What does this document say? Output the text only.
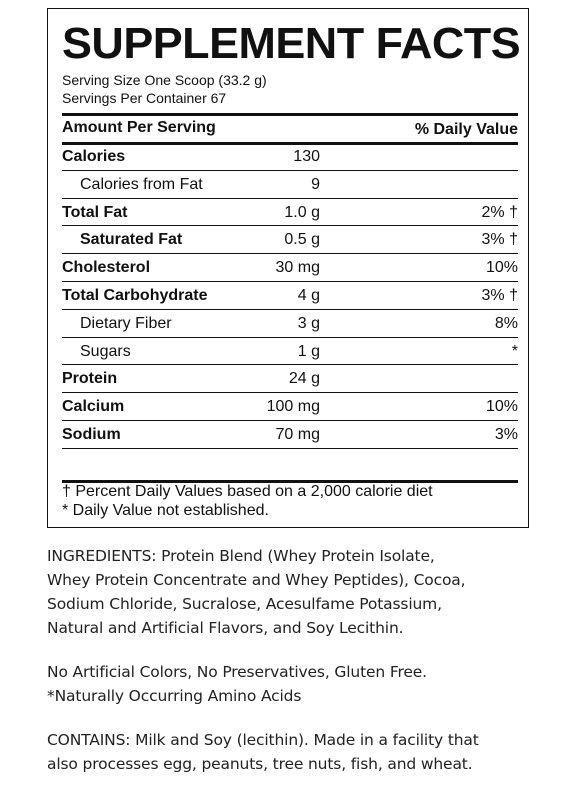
SUPPLEMENT FACTS
Serving Size One Scoop (33.2 g)
Servings Per Container 67
Amount Per Serving	% Daily Value
Calories	130
Calories from Fat	9
Total Fat	1.0 g	2% †
Saturated Fat	0.5 g	3% †
Cholesterol	30 mg	10%
Total Carbohydrate	4 g	3% †
Dietary Fiber	3 g	8%
Sugars	1 g	*
Protein	24 g
Calcium	100 mg	10%
Sodium	70 mg	3%
† Percent Daily Values based on a 2,000 calorie diet
* Daily Value not established.
INGREDIENTS: Protein Blend (Whey Protein Isolate,
Whey Protein Concentrate and Whey Peptides), Cocoa,
Sodium Chloride, Sucralose, Acesulfame Potassium,
Natural and Artificial Flavors, and Soy Lecithin.
No Artificial Colors, No Preservatives, Gluten Free.
*Naturally Occurring Amino Acids
CONTAINS: Milk and Soy (lecithin). Made in a facility that
also processes egg, peanuts, tree nuts, fish, and wheat.
